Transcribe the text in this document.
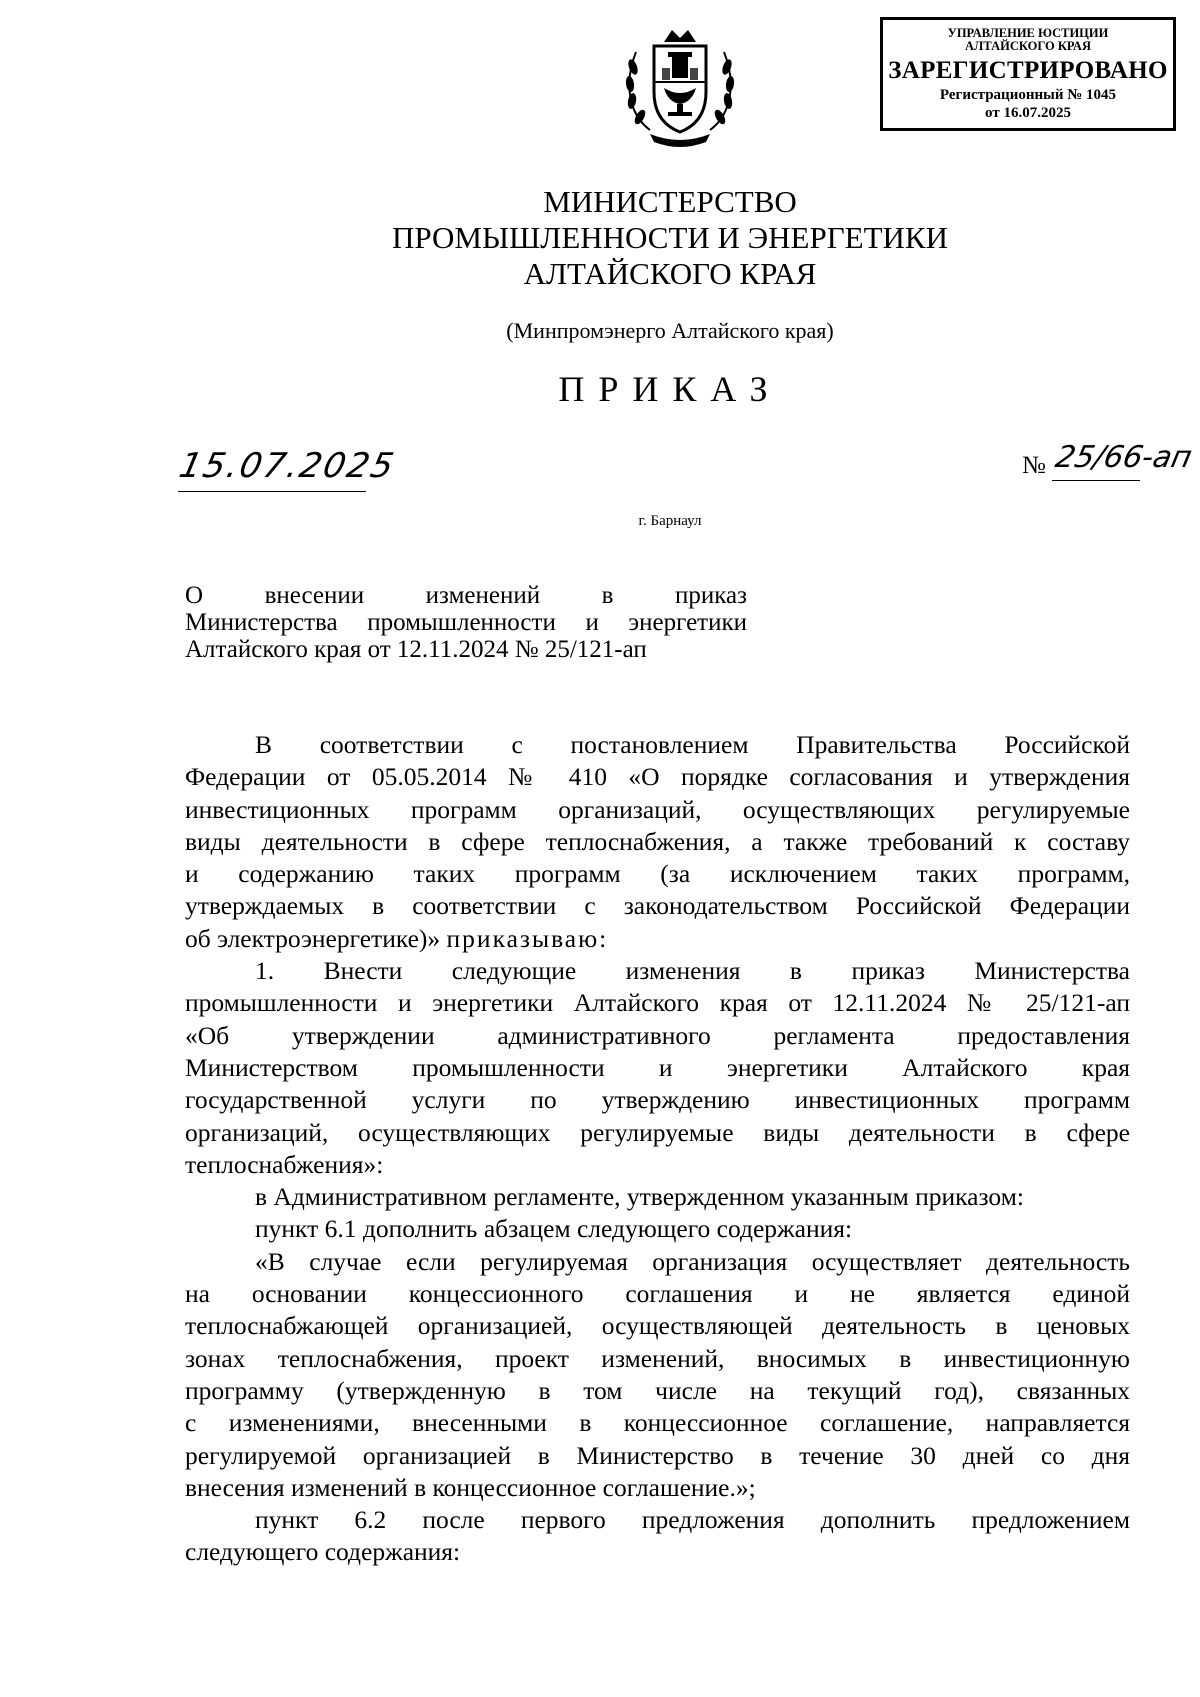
УПРАВЛЕНИЕ ЮСТИЦИИ
АЛТАЙСКОГО КРАЯ
ЗАРЕГИСТРИРОВАНО
Регистрационный № 1045
от 16.07.2025
МИНИСТЕРСТВО
ПРОМЫШЛЕННОСТИ И ЭНЕРГЕТИКИ
АЛТАЙСКОГО КРАЯ
(Минпромэнерго Алтайского края)
ПРИКАЗ
15.07.2025	№ 25/66-ап
г. Барнаул
О внесении изменений в приказ
Министерства промышленности и энергетики
Алтайского края от 12.11.2024 № 25/121-ап

В соответствии с постановлением Правительства Российской
Федерации от 05.05.2014 № 410 «О порядке согласования и утверждения
инвестиционных программ организаций, осуществляющих регулируемые
виды деятельности в сфере теплоснабжения, а также требований к составу
и содержанию таких программ (за исключением таких программ,
утверждаемых в соответствии с законодательством Российской Федерации
об электроэнергетике)» приказываю:

1. Внести следующие изменения в приказ Министерства
промышленности и энергетики Алтайского края от 12.11.2024 № 25/121-ап
«Об утверждении административного регламента предоставления
Министерством промышленности и энергетики Алтайского края
государственной услуги по утверждению инвестиционных программ
организаций, осуществляющих регулируемые виды деятельности в сфере
теплоснабжения»:

в Административном регламенте, утвержденном указанным приказом:

пункт 6.1 дополнить абзацем следующего содержания:

«В случае если регулируемая организация осуществляет деятельность
на основании концессионного соглашения и не является единой
теплоснабжающей организацией, осуществляющей деятельность в ценовых
зонах теплоснабжения, проект изменений, вносимых в инвестиционную
программу (утвержденную в том числе на текущий год), связанных
с изменениями, внесенными в концессионное соглашение, направляется
регулируемой организацией в Министерство в течение 30 дней со дня
внесения изменений в концессионное соглашение.»;

пункт 6.2 после первого предложения дополнить предложением
следующего содержания:
